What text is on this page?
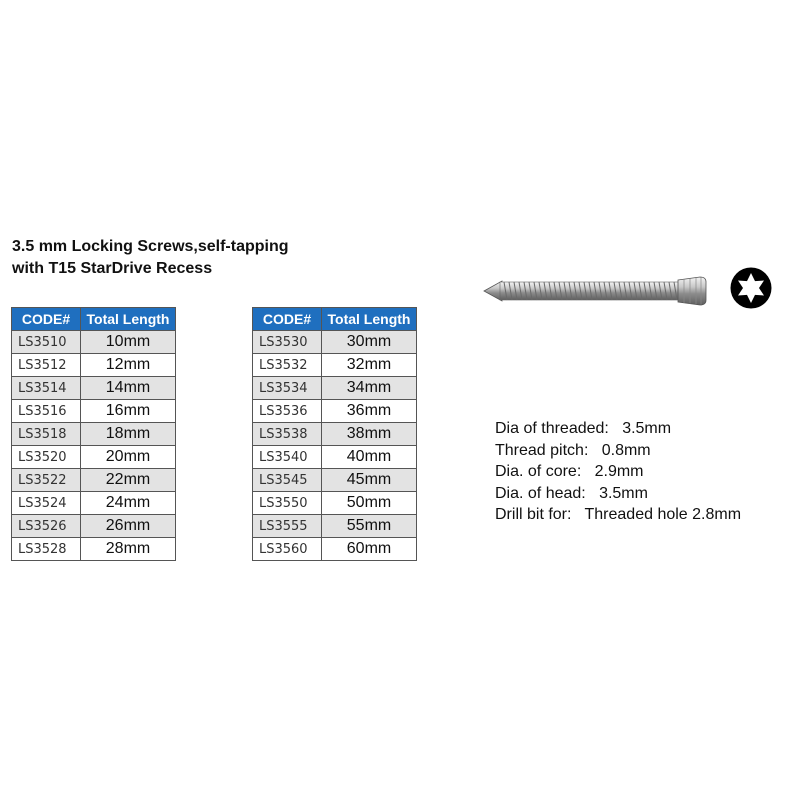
3.5 mm Locking Screws,self-tapping
with T15 StarDrive Recess
CODE#	Total Length
LS3510	10mm
LS3512	12mm
LS3514	14mm
LS3516	16mm
LS3518	18mm
LS3520	20mm
LS3522	22mm
LS3524	24mm
LS3526	26mm
LS3528	28mm
CODE#	Total Length
LS3530	30mm
LS3532	32mm
LS3534	34mm
LS3536	36mm
LS3538	38mm
LS3540	40mm
LS3545	45mm
LS3550	50mm
LS3555	55mm
LS3560	60mm
Dia of threaded:   3.5mm
Thread pitch:   0.8mm
Dia. of core:   2.9mm
Dia. of head:   3.5mm
Drill bit for:   Threaded hole 2.8mm
